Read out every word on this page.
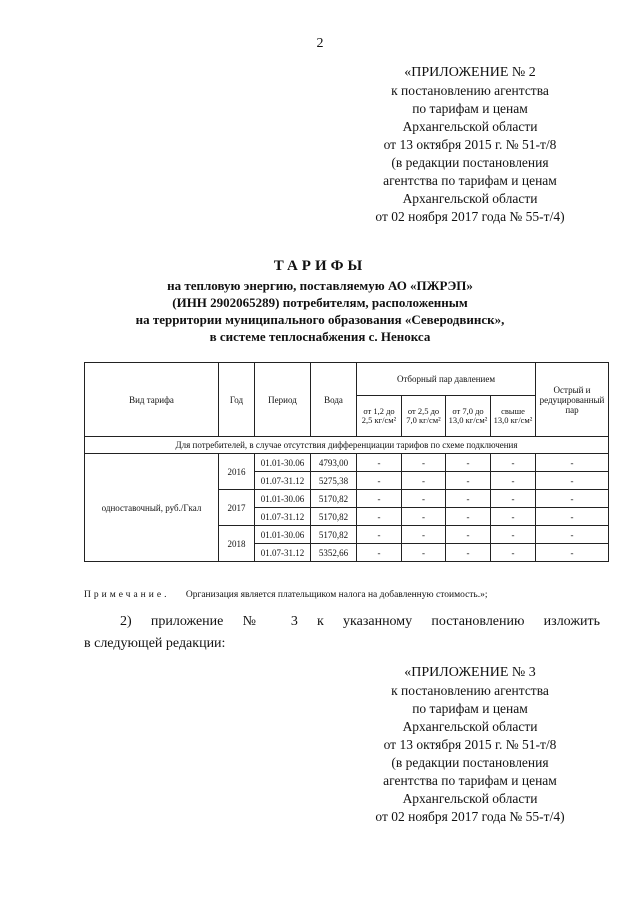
2
«ПРИЛОЖЕНИЕ № 2
к постановлению агентства
по тарифам и ценам
Архангельской области
от 13 октября 2015 г. № 51-т/8
(в редакции постановления
агентства по тарифам и ценам
Архангельской области
от 02 ноября 2017 года № 55-т/4)
ТАРИФЫ
на тепловую энергию, поставляемую АО «ПЖРЭП»
(ИНН 2902065289) потребителям, расположенным
на территории муниципального образования «Северодвинск»,
в системе теплоснабжения с. Ненокса
Вид тарифа	Год	Период	Вода	Отборный пар давлением				Острый и редуцированный пар
				от 1,2 до 2,5 кг/см²	от 2,5 до 7,0 кг/см²	от 7,0 до 13,0 кг/см²	свыше 13,0 кг/см²	
Для потребителей, в случае отсутствия дифференциации тарифов по схеме подключения								
одноставочный, руб./Гкал	2016	01.01-30.06	4793,00	-	-	-	-	-
		01.07-31.12	5275,38	-	-	-	-	-
	2017	01.01-30.06	5170,82	-	-	-	-	-
		01.07-31.12	5170,82	-	-	-	-	-
	2018	01.01-30.06	5170,82	-	-	-	-	-
		01.07-31.12	5352,66	-	-	-	-	-
Примечание. Организация является плательщиком налога на добавленную стоимость.»;
2) приложение № 3 к указанному постановлению изложить
в следующей редакции:
«ПРИЛОЖЕНИЕ № 3
к постановлению агентства
по тарифам и ценам
Архангельской области
от 13 октября 2015 г. № 51-т/8
(в редакции постановления
агентства по тарифам и ценам
Архангельской области
от 02 ноября 2017 года № 55-т/4)
